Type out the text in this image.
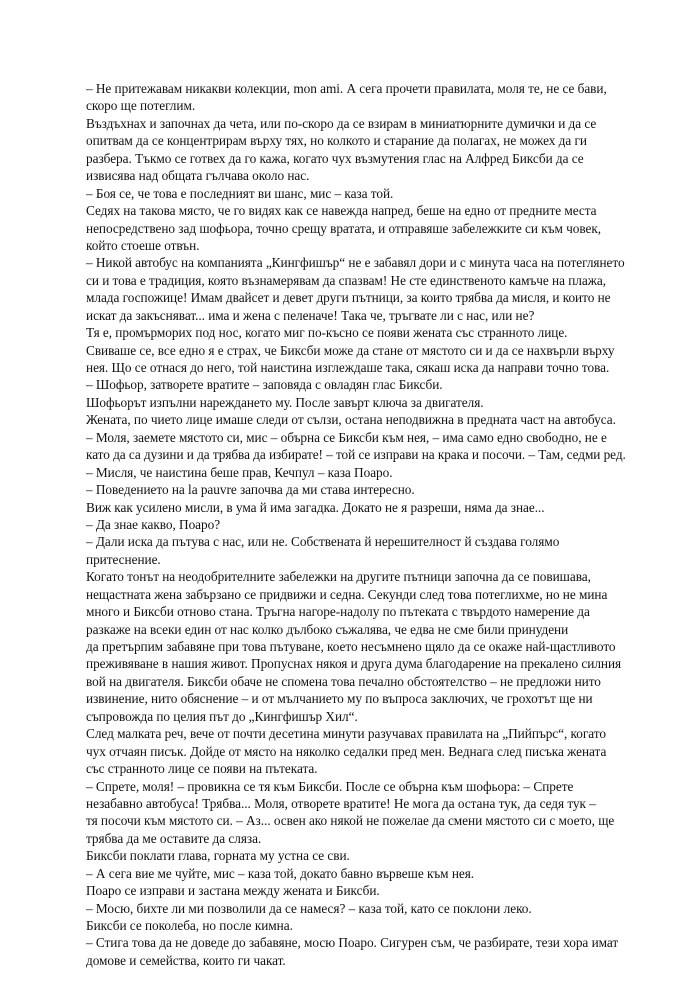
– Не притежавам никакви колекции, mon ami. А сега прочети правилата, моля те, не се бави,
скоро ще потеглим.
Въздъхнах и започнах да чета, или по-скоро да се взирам в миниатюрните думички и да се
опитвам да се концентрирам върху тях, но колкото и старание да полагах, не можех да ги
разбера. Тъкмо се готвех да го кажа, когато чух възмутения глас на Алфред Биксби да се
извисява над общата гълчава около нас.
– Боя се, че това е последният ви шанс, мис – каза той.
Седях на такова място, че го видях как се навежда напред, беше на едно от предните места
непосредствено зад шофьора, точно срещу вратата, и отправяше забележките си към човек,
който стоеше отвън.
– Никой автобус на компанията „Кингфишър“ не е забавял дори и с минута часа на потеглянето
си и това е традиция, която възнамерявам да спазвам! Не сте единственото камъче на плажа,
млада госпожице! Имам двайсет и девет други пътници, за които трябва да мисля, и които не
искат да закъсняват... има и жена с пеленаче! Така че, тръгвате ли с нас, или не?
Тя е, промърморих под нос, когато миг по-късно се появи жената със странното лице.
Свиваше се, все едно я е страх, че Биксби може да стане от мястото си и да се нахвърли върху
нея. Що се отнася до него, той наистина изглеждаше така, сякаш иска да направи точно това.
– Шофьор, затворете вратите – заповяда с овладян глас Биксби.
Шофьорът изпълни нареждането му. После завърт ключа за двигателя.
Жената, по чието лице имаше следи от сълзи, остана неподвижна в предната част на автобуса.
– Моля, заемете мястото си, мис – обърна се Биксби към нея, – има само едно свободно, не е
като да са дузини и да трябва да избирате! – той се изправи на крака и посочи. – Там, седми ред.
– Мисля, че наистина беше прав, Кечпул – каза Поаро.
– Поведението на la pauvre започва да ми става интересно.
Виж как усилено мисли, в ума й има загадка. Докато не я разреши, няма да знае...
– Да знае какво, Поаро?
– Дали иска да пътува с нас, или не. Собствената й нерешителност й създава голямо
притеснение.
Когато тонът на неодобрителните забележки на другите пътници започна да се повишава,
нещастната жена забързано се придвижи и седна. Секунди след това потеглихме, но не мина
много и Биксби отново стана. Тръгна нагоре-надолу по пътеката с твърдото намерение да
разкаже на всеки един от нас колко дълбоко съжалява, че едва не сме били принудени
да претърпим забавяне при това пътуване, което несъмнено щяло да се окаже най-щастливото
преживяване в нашия живот. Пропуснах някоя и друга дума благодарение на прекалено силния
вой на двигателя. Биксби обаче не спомена това печално обстоятелство – не предложи нито
извинение, нито обяснение – и от мълчанието му по въпроса заключих, че грохотът ще ни
съпровожда по целия път до „Кингфишър Хил“.
След малката реч, вече от почти десетина минути разучавах правилата на „Пийпърс“, когато
чух отчаян писък. Дойде от място на няколко седалки пред мен. Веднага след писъка жената
със странното лице се появи на пътеката.
– Спрете, моля! – провикна се тя към Биксби. После се обърна към шофьора: – Спрете
незабавно автобуса! Трябва... Моля, отворете вратите! Не мога да остана тук, да седя тук –
тя посочи към мястото си. – Аз... освен ако някой не пожелае да смени мястото си с моето, ще
трябва да ме оставите да сляза.
Биксби поклати глава, горната му устна се сви.
– А сега вие ме чуйте, мис – каза той, докато бавно вървеше към нея.
Поаро се изправи и застана между жената и Биксби.
– Мосю, бихте ли ми позволили да се намеся? – каза той, като се поклони леко.
Биксби се поколеба, но после кимна.
– Стига това да не доведе до забавяне, мосю Поаро. Сигурен съм, че разбирате, тези хора имат
домове и семейства, които ги чакат.
